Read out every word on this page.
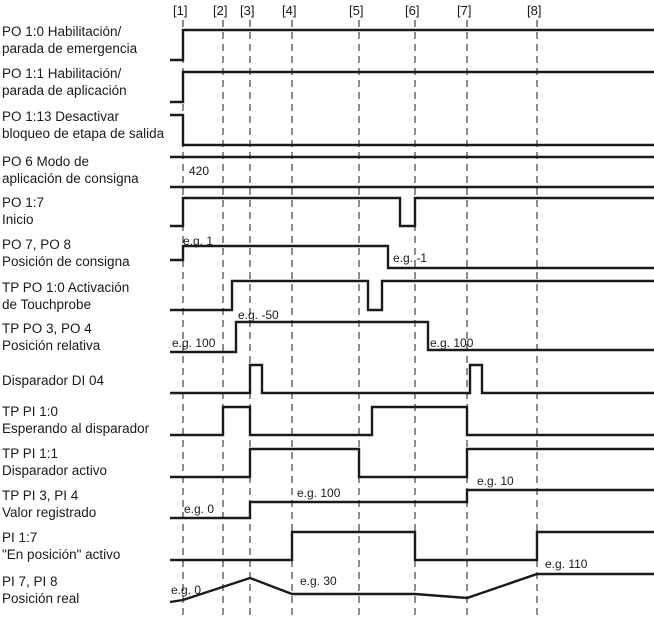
[1] [2] [3] [4]	[5]	[6]	[7]	[8]
PO 1:0 Habilitación/
parada de emergencia
PO 1:1 Habilitación/
parada de aplicación
PO 1:13 Desactivar
bloqueo de etapa de salida
PO 6 Modo de
aplicación de consigna
PO 1:7
Inicio
PO 7, PO 8
Posición de consigna
TP PO 1:0 Activación
de Touchprobe
TP PO 3, PO 4
Posición relativa
Disparador DI 04
TP PI 1:0
Esperando al disparador
TP PI 1:1
Disparador activo
TP PI 3, PI 4
Valor registrado
PI 1:7
"En posición" activo
PI 7, PI 8
Posición real
420
e.g. 1
e.g. -1
e.g. -50
e.g. 100	e.g. 100
e.g. 0
e.g. 100
e.g. 10
e.g. 0
e.g. 30
e.g. 110
